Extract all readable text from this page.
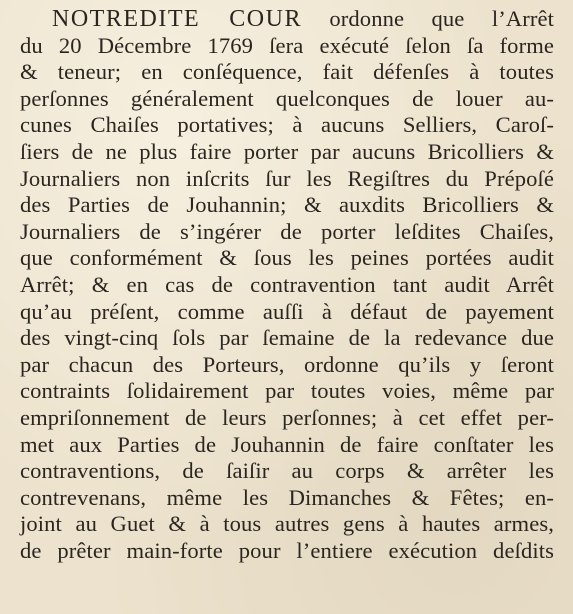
NOTREDITE COUR ordonne que l’Arrêt
du 20 Décembre 1769 ſera exécuté ſelon ſa forme
& teneur; en conſéquence, fait défenſes à toutes
perſonnes généralement quelconques de louer au-
cunes Chaiſes portatives; à aucuns Selliers, Caroſ-
ſiers de ne plus faire porter par aucuns Bricolliers &
Journaliers non inſcrits ſur les Regiſtres du Prépoſé
des Parties de Jouhannin; & auxdits Bricolliers &
Journaliers de s’ingérer de porter leſdites Chaiſes,
que conformément & ſous les peines portées audit
Arrêt; & en cas de contravention tant audit Arrêt
qu’au préſent, comme auſſi à défaut de payement
des vingt-cinq ſols par ſemaine de la redevance due
par chacun des Porteurs, ordonne qu’ils y ſeront
contraints ſolidairement par toutes voies, même par
empriſonnement de leurs perſonnes; à cet effet per-
met aux Parties de Jouhannin de faire conſtater les
contraventions, de ſaiſir au corps & arrêter les
contrevenans, même les Dimanches & Fêtes; en-
joint au Guet & à tous autres gens à hautes armes,
de prêter main-forte pour l’entiere exécution deſdits
